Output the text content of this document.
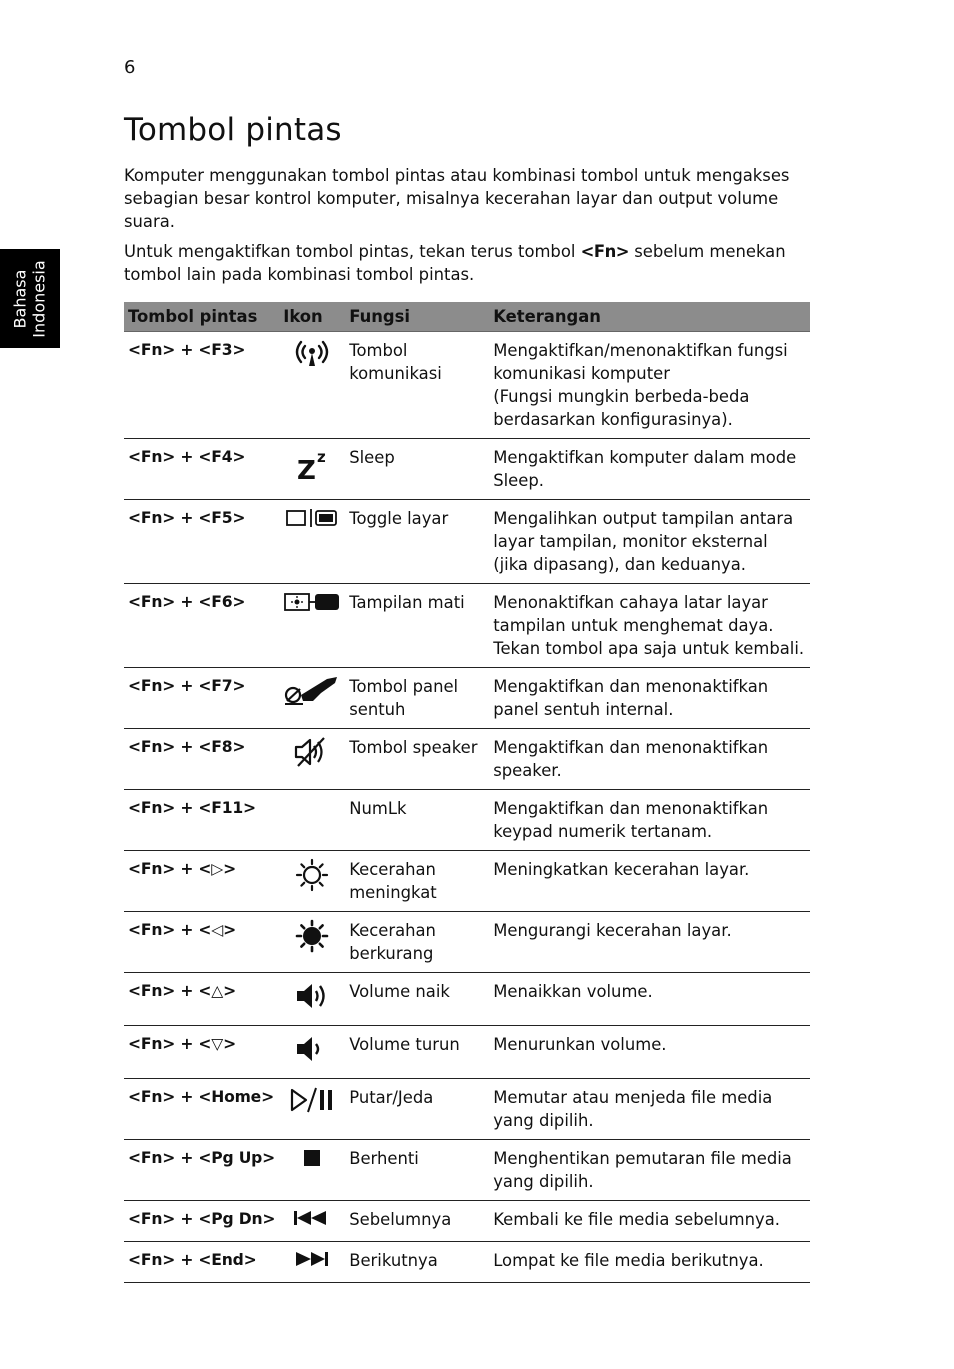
6
Bahasa Indonesia
Tombol pintas

Komputer menggunakan tombol pintas atau kombinasi tombol untuk mengakses sebagian besar kontrol komputer, misalnya kecerahan layar dan output volume suara.

Untuk mengaktifkan tombol pintas, tekan terus tombol <Fn> sebelum menekan tombol lain pada kombinasi tombol pintas.

Tombol pintas	Ikon	Fungsi	Keterangan
<Fn> + <F3>		Tombol komunikasi	Mengaktifkan/menonaktifkan fungsi komunikasi komputer
(Fungsi mungkin berbeda-beda berdasarkan konfigurasinya).
<Fn> + <F4>	Z z	Sleep	Mengaktifkan komputer dalam mode Sleep.
<Fn> + <F5>		Toggle layar	Mengalihkan output tampilan antara layar tampilan, monitor eksternal (jika dipasang), dan keduanya.
<Fn> + <F6>		Tampilan mati	Menonaktifkan cahaya latar layar tampilan untuk menghemat daya. Tekan tombol apa saja untuk kembali.
<Fn> + <F7>		Tombol panel sentuh	Mengaktifkan dan menonaktifkan panel sentuh internal.
<Fn> + <F8>		Tombol speaker	Mengaktifkan dan menonaktifkan speaker.
<Fn> + <F11>		NumLk	Mengaktifkan dan menonaktifkan keypad numerik tertanam.
<Fn> + <▷>		Kecerahan meningkat	Meningkatkan kecerahan layar.
<Fn> + <◁>		Kecerahan berkurang	Mengurangi kecerahan layar.
<Fn> + <△>		Volume naik	Menaikkan volume.
<Fn> + <▽>		Volume turun	Menurunkan volume.
<Fn> + <Home>		Putar/Jeda	Memutar atau menjeda file media yang dipilih.
<Fn> + <Pg Up>		Berhenti	Menghentikan pemutaran file media yang dipilih.
<Fn> + <Pg Dn>		Sebelumnya	Kembali ke file media sebelumnya.
<Fn> + <End>		Berikutnya	Lompat ke file media berikutnya.
